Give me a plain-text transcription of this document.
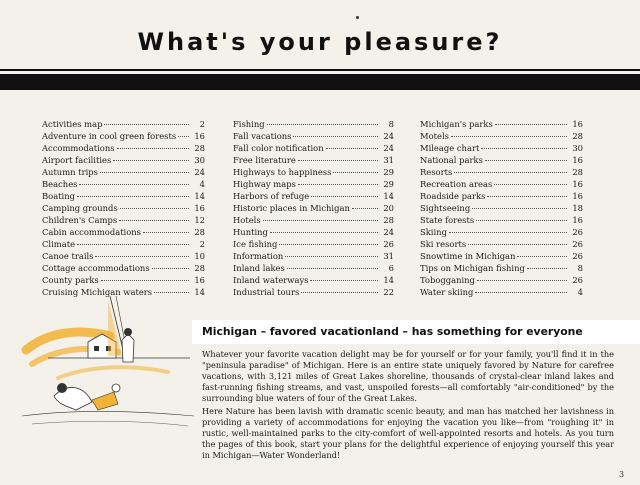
What's your pleasure?
Activities map	2
Adventure in cool green forests	16
Accommodations	28
Airport facilities	30
Autumn trips	24
Beaches	4
Boating	14
Camping grounds	16
Children's Camps	12
Cabin accommodations	28
Climate	2
Canoe trails	10
Cottage accommodations	28
County parks	16
Cruising Michigan waters	14
Fishing	8
Fall vacations	24
Fall color notification	24
Free literature	31
Highways to happiness	29
Highway maps	29
Harbors of refuge	14
Historic places in Michigan	20
Hotels	28
Hunting	24
Ice fishing	26
Information	31
Inland lakes	6
Inland waterways	14
Industrial tours	22
Michigan's parks	16
Motels	28
Mileage chart	30
National parks	16
Resorts	28
Recreation areas	16
Roadside parks	16
Sightseeing	18
State forests	16
Skiing	26
Ski resorts	26
Snowtime in Michigan	26
Tips on Michigan fishing	8
Tobogganing	26
Water skiing	4
Michigan – favored vacationland – has something for everyone

Whatever your favorite vacation delight may be for yourself or for your family, you'll find it in the "peninsula paradise" of Michigan. Here is an entire state uniquely favored by Nature for carefree vacations, with 3,121 miles of Great Lakes shoreline, thousands of crystal-clear inland lakes and fast-running fishing streams, and vast, unspoiled forests—all comfortably "air-conditioned" by the surrounding blue waters of four of the Great Lakes.

Here Nature has been lavish with dramatic scenic beauty, and man has matched her lavishness in providing a variety of accommodations for enjoying the vacation you like—from "roughing it" in rustic, well-maintained parks to the city-comfort of well-appointed resorts and hotels. As you turn the pages of this book, start your plans for the delightful experience of enjoying yourself this year in Michigan—Water Wonderland!

3
